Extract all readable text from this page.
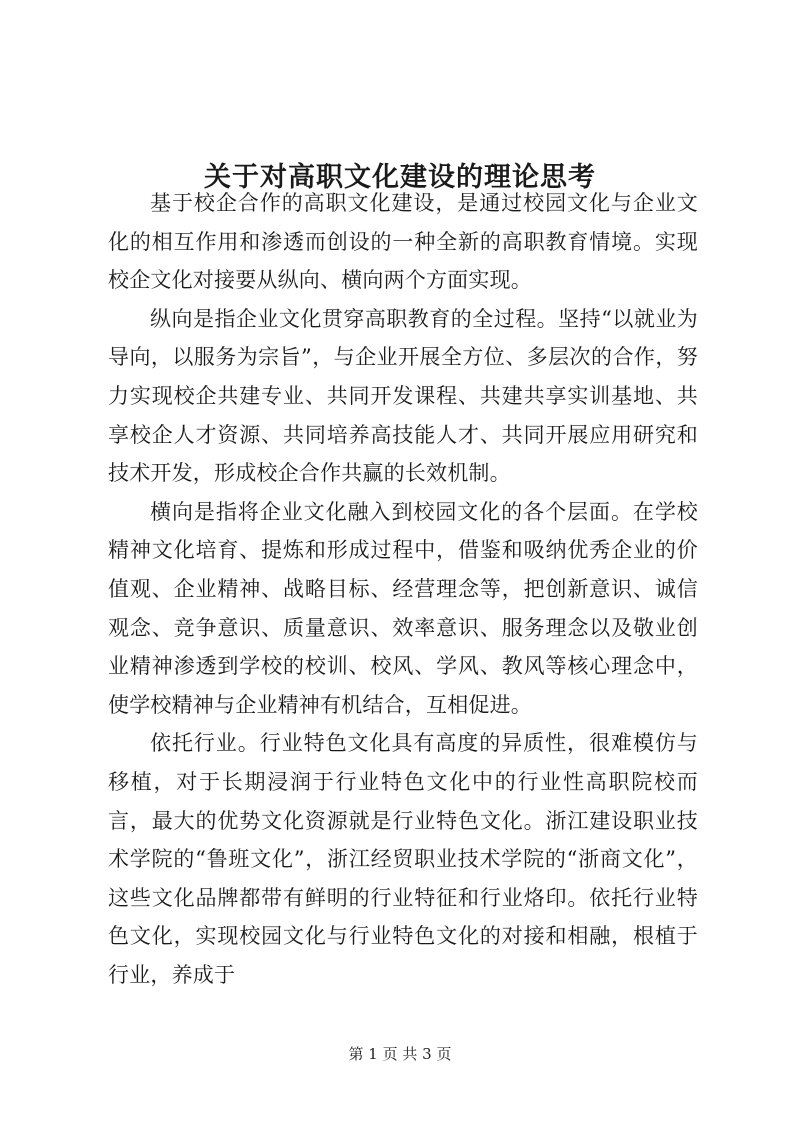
关于对高职文化建设的理论思考

基于校企合作的高职文化建设，是通过校园文化与企业文化的相互作用和渗透而创设的一种全新的高职教育情境。实现校企文化对接要从纵向、横向两个方面实现。

纵向是指企业文化贯穿高职教育的全过程。坚持“以就业为导向，以服务为宗旨”，与企业开展全方位、多层次的合作，努力实现校企共建专业、共同开发课程、共建共享实训基地、共享校企人才资源、共同培养高技能人才、共同开展应用研究和技术开发，形成校企合作共赢的长效机制。

横向是指将企业文化融入到校园文化的各个层面。在学校精神文化培育、提炼和形成过程中，借鉴和吸纳优秀企业的价值观、企业精神、战略目标、经营理念等，把创新意识、诚信观念、竞争意识、质量意识、效率意识、服务理念以及敬业创业精神渗透到学校的校训、校风、学风、教风等核心理念中，使学校精神与企业精神有机结合，互相促进。

依托行业。行业特色文化具有高度的异质性，很难模仿与移植，对于长期浸润于行业特色文化中的行业性高职院校而言，最大的优势文化资源就是行业特色文化。浙江建设职业技术学院的“鲁班文化”，浙江经贸职业技术学院的“浙商文化”，这些文化品牌都带有鲜明的行业特征和行业烙印。依托行业特色文化，实现校园文化与行业特色文化的对接和相融，根植于行业，养成于

第 1 页 共 3 页
